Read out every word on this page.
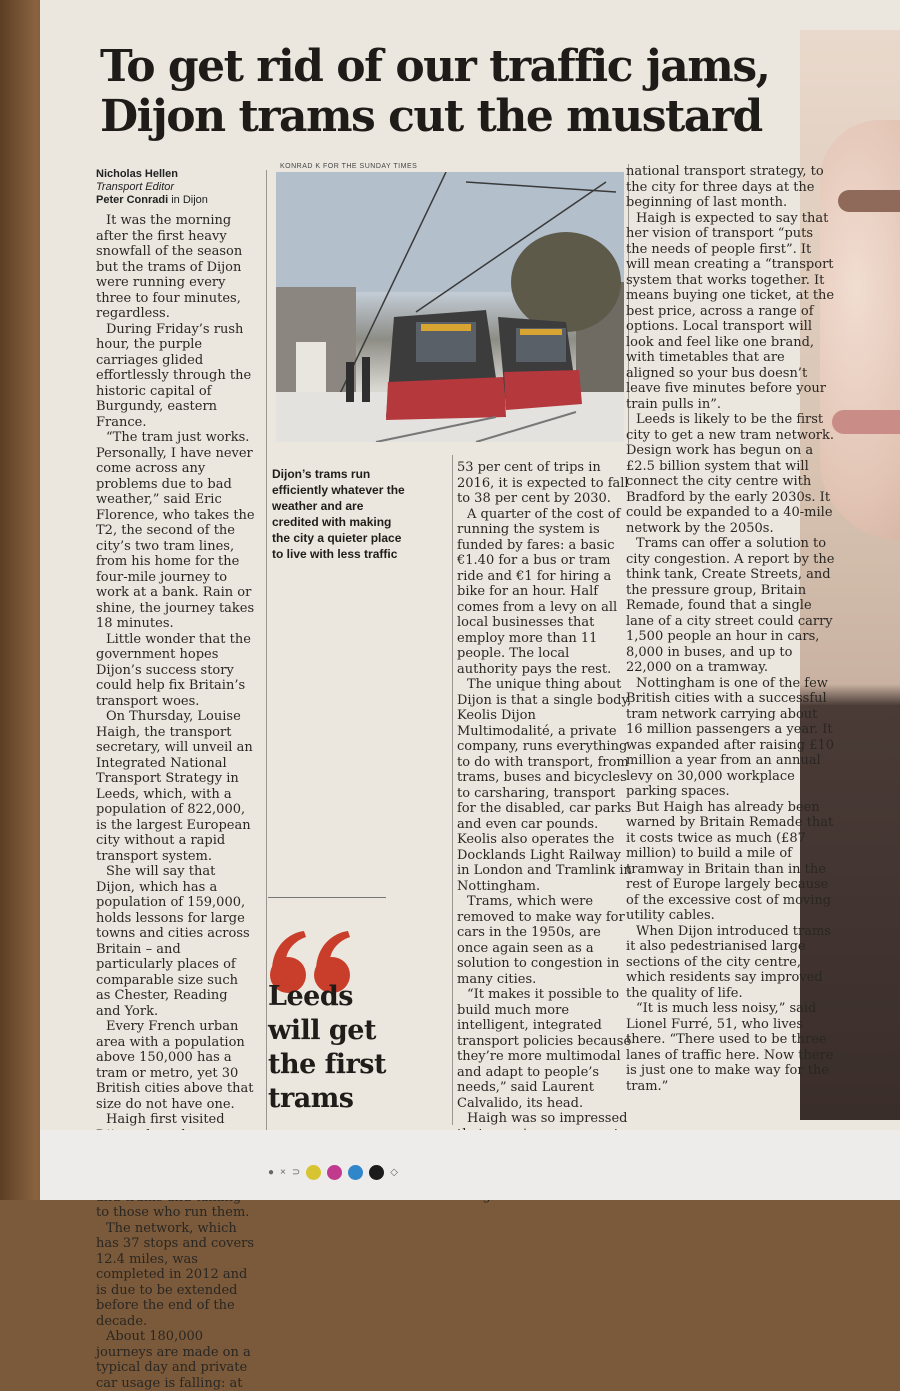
To get rid of our traffic jams, Dijon trams cut the mustard
Nicholas Hellen
Transport Editor
Peter Conradi in Dijon

It was the morning after the first heavy snowfall of the season but the trams of Dijon were running every three to four minutes, regardless.

During Friday’s rush hour, the purple carriages glided effortlessly through the historic capital of Burgundy, eastern France.

“The tram just works. Personally, I have never come across any problems due to bad weather,” said Eric Florence, who takes the T2, the second of the city’s two tram lines, from his home for the four-mile journey to work at a bank. Rain or shine, the journey takes 18 minutes.

Little wonder that the government hopes Dijon’s success story could help fix Britain’s transport woes.

On Thursday, Louise Haigh, the transport secretary, will unveil an Integrated National Transport Strategy in Leeds, which, with a population of 822,000, is the largest European city without a rapid transport system.

She will say that Dijon, which has a population of 159,000, holds lessons for large towns and cities across Britain – and particularly places of comparable size such as Chester, Reading and York.

Every French urban area with a population above 150,000 has a tram or metro, yet 30 British cities above that size do not have one.

Haigh first visited to those who run them.

The network, which has 37 stops and covers 12.4 miles, was completed in 2012 and is due to be extended before the end of the decade.

About 180,000 journeys are made on a typical day and private car usage is falling: at

KONRAD K FOR THE SUNDAY TIMES
Dijon’s trams run efficiently whatever the weather and are credited with making the city a quieter place to live with less traffic

53 per cent of trips in 2016, it is expected to fall to 38 per cent by 2030.

A quarter of the cost of running the system is funded by fares: a basic €1.40 for a bus or tram ride and €1 for hiring a bike for an hour. Half comes from a levy on all local businesses that employ more than 11 people. The local authority pays the rest.

The unique thing about Dijon is that a single body, Keolis Dijon Multimodalité, a private company, runs everything to do with transport, from trams, buses and bicycles to carsharing, transport for the disabled, car parks and even car pounds. Keolis also operates the Docklands Light Railway in London and Tramlink in Nottingham.

Trams, which were removed to make way for cars in the 1950s, are once again seen as a solution to congestion in many cities.

“It makes it possible to build much more intelligent, integrated transport policies because they’re more multimodal and adapt to people’s needs,” said Laurent Calvalido, its head.

Haigh was so impressed

national transport strategy, to the city for three days at the beginning of last month.

Haigh is expected to say that her vision of transport “puts the needs of people first”. It will mean creating a “transport system that works together. It means buying one ticket, at the best price, across a range of options. Local transport will look and feel like one brand, with timetables that are aligned so your bus doesn’t leave five minutes before your train pulls in”.

Leeds is likely to be the first city to get a new tram network. Design work has begun on a £2.5 billion system that will connect the city centre with Bradford by the early 2030s. It could be expanded to a 40-mile network by the 2050s.

Trams can offer a solution to city congestion. A report by the think tank, Create Streets, and the pressure group, Britain Remade, found that a single lane of a city street could carry 1,500 people an hour in cars, 8,000 in buses, and up to 22,000 on a tramway.

Nottingham is one of the few British cities with a successful tram network carrying about 16 million passengers a year. It was expanded after raising £10 million a year from an annual levy on 30,000 workplace parking spaces.

But Haigh has already been warned by Britain Remade that it costs twice as much (£87 million) to build a mile of tramway in Britain than in the rest of Europe largely because of the excessive cost of moving utility cables.

When Dijon introduced trams it also pedestrianised large sections of the city centre, which residents say improved the quality of life.

“It is much less noisy,” said Lionel Furré, 51, who lives there. “There used to be three lanes of traffic here. Now there is just one to make way for the tram.”

Leeds will get the first trams

● × ⊃	◇
